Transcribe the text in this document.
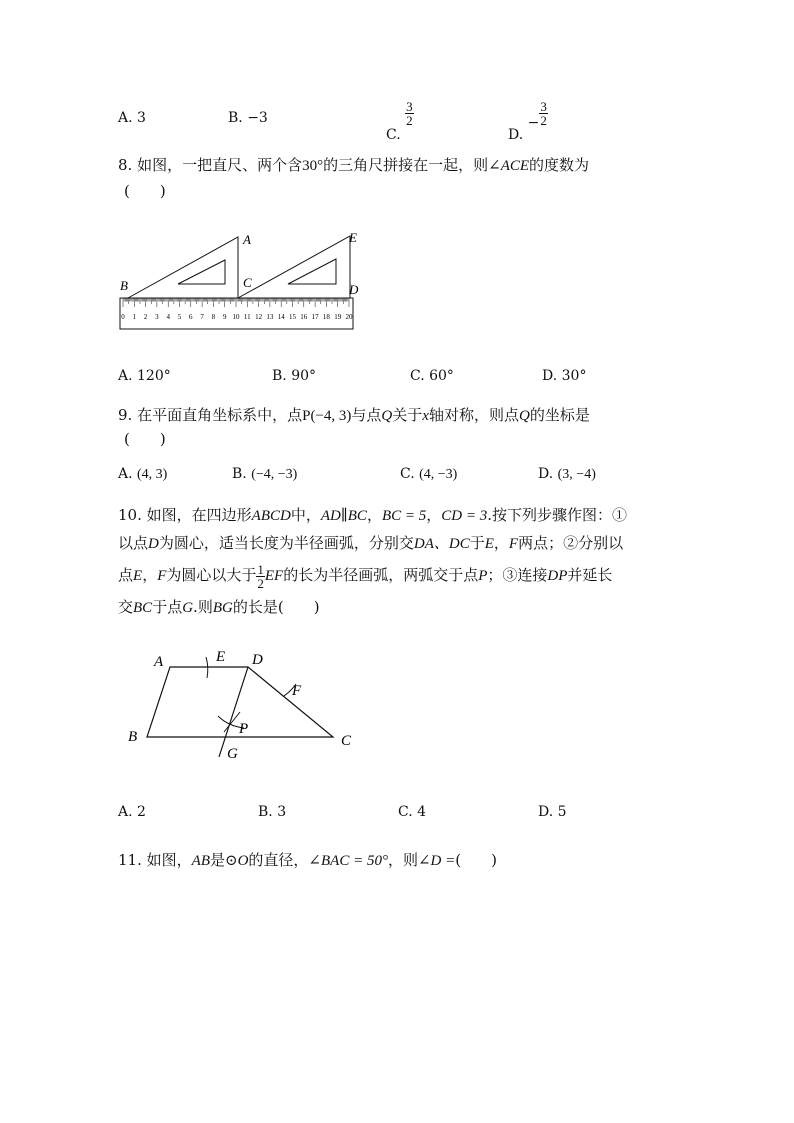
A. 3	B. −3
C.
$\frac{3}{2}$
D. − $\frac{3}{2}$
8. 如图，一把直尺、两个含30°的三角尺拼接在一起，则∠ACE的度数为
(　　)
0 1 2 3 4 5 6 7 8 9 10 11 12 13 14 15 16 17 18 19 20
A
B	C	D
E
A. 120°	B. 90°	C. 60°	D. 30°
9. 在平面直角坐标系中，点P(−4, 3)与点Q关于x轴对称，则点Q的坐标是
(　　)
A. (4, 3)	B. (−4, −3)	C. (4, −3)	D. (3, −4)
10. 如图，在四边形ABCD中，AD∥BC，BC = 5，CD = 3.按下列步骤作图：①
以点D为圆心，适当长度为半径画弧，分别交DA、DC于E，F两点；②分别以
点E，F为圆心以大于 $\frac{1}{2}$ EF的长为半径画弧，两弧交于点P；③连接DP并延长
交BC于点G.则BG的长是(　　)
A	E D
F
P
B	C
G
A. 2	B. 3	C. 4	D. 5
11. 如图，AB是⊙O的直径，∠BAC = 50°，则∠D =(　　)
